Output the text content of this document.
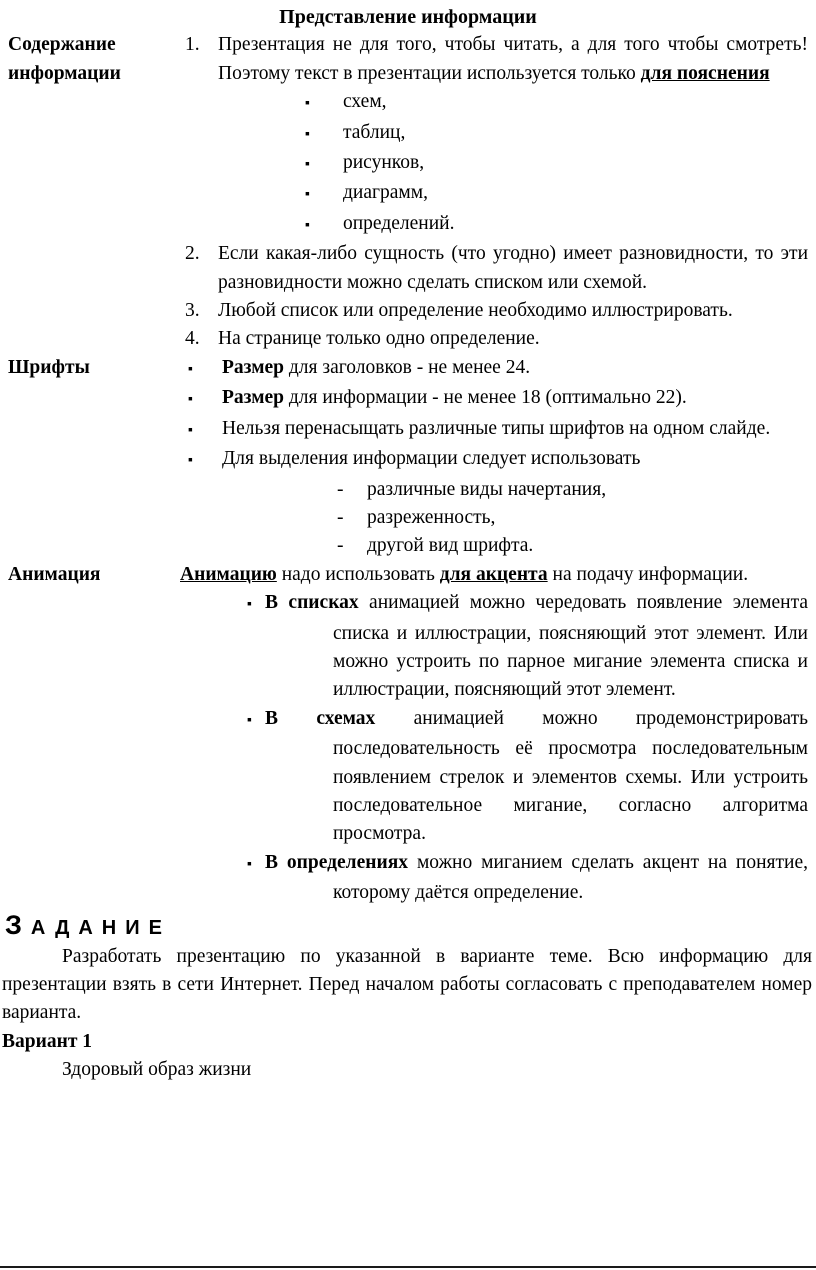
Представление информации
Содержание информации
1. Презентация не для того, чтобы читать, а для того чтобы смотреть! Поэтому текст в презентации используется только для пояснения
▪ схем,
▪ таблиц,
▪ рисунков,
▪ диаграмм,
▪ определений.
2. Если какая-либо сущность (что угодно) имеет разновидности, то эти разновидности можно сделать списком или схемой.
3. Любой список или определение необходимо иллюстрировать.
4. На странице только одно определение.
Шрифты	▪ Размер для заголовков - не менее 24.
▪ Размер для информации - не менее 18 (оптимально 22).
▪ Нельзя перенасыщать различные типы шрифтов на одном слайде.
▪ Для выделения информации следует использовать
- различные виды начертания,
- разреженность,
- другой вид шрифта.
Анимация	Анимацию надо использовать для акцента на подачу информации.
▪ В списках анимацией можно чередовать появление элемента списка и иллюстрации, поясняющий этот элемент. Или можно устроить по парное мигание элемента списка и иллюстрации, поясняющий этот элемент.
▪ В схемах анимацией можно продемонстрировать последовательность её просмотра последовательным появлением стрелок и элементов схемы. Или устроить последовательное мигание, согласно алгоритма просмотра.
▪ В определениях можно миганием сделать акцент на понятие, которому даётся определение.
ЗАДАНИЕ
Разработать презентацию по указанной в варианте теме. Всю информацию для презентации взять в сети Интернет. Перед началом работы согласовать с преподавателем номер варианта.
Вариант 1
Здоровый образ жизни
